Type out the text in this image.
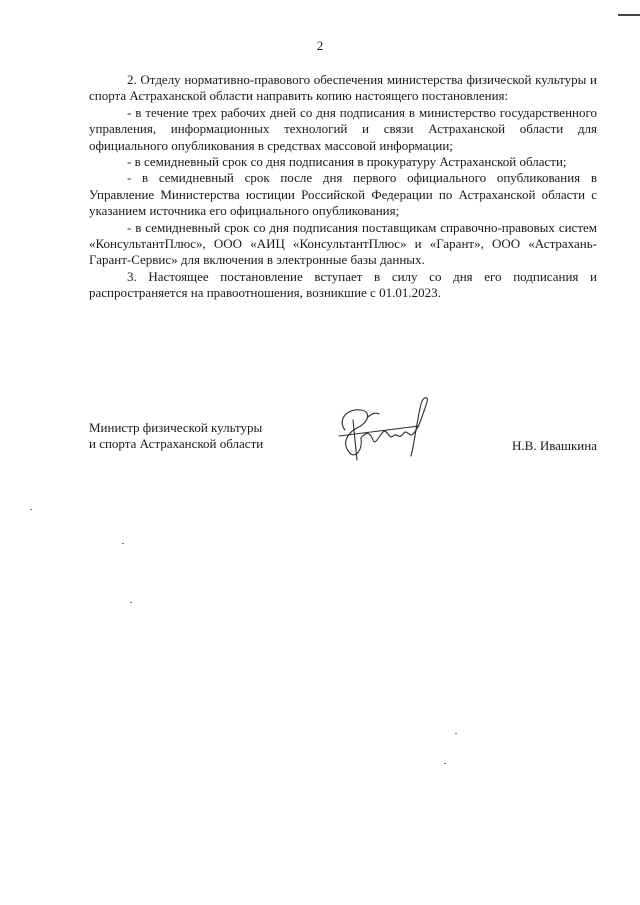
2

2. Отделу нормативно-правового обеспечения министерства физической культуры и спорта Астраханской области направить копию настоящего постановления:

- в течение трех рабочих дней со дня подписания в министерство государственного управления, информационных технологий и связи Астраханской области для официального опубликования в средствах массовой информации;

- в семидневный срок со дня подписания в прокуратуру Астраханской области;

- в семидневный срок после дня первого официального опубликования в Управление Министерства юстиции Российской Федерации по Астраханской области с указанием источника его официального опубликования;

- в семидневный срок со дня подписания поставщикам справочно-правовых систем «КонсультантПлюс», ООО «АИЦ «КонсультантПлюс» и «Гарант», ООО «Астрахань-Гарант-Сервис» для включения в электронные базы данных.

3. Настоящее постановление вступает в силу со дня его подписания и распространяется на правоотношения, возникшие с 01.01.2023.

Министр физической культуры
и спорта Астраханской области	Н.В. Ивашкина
